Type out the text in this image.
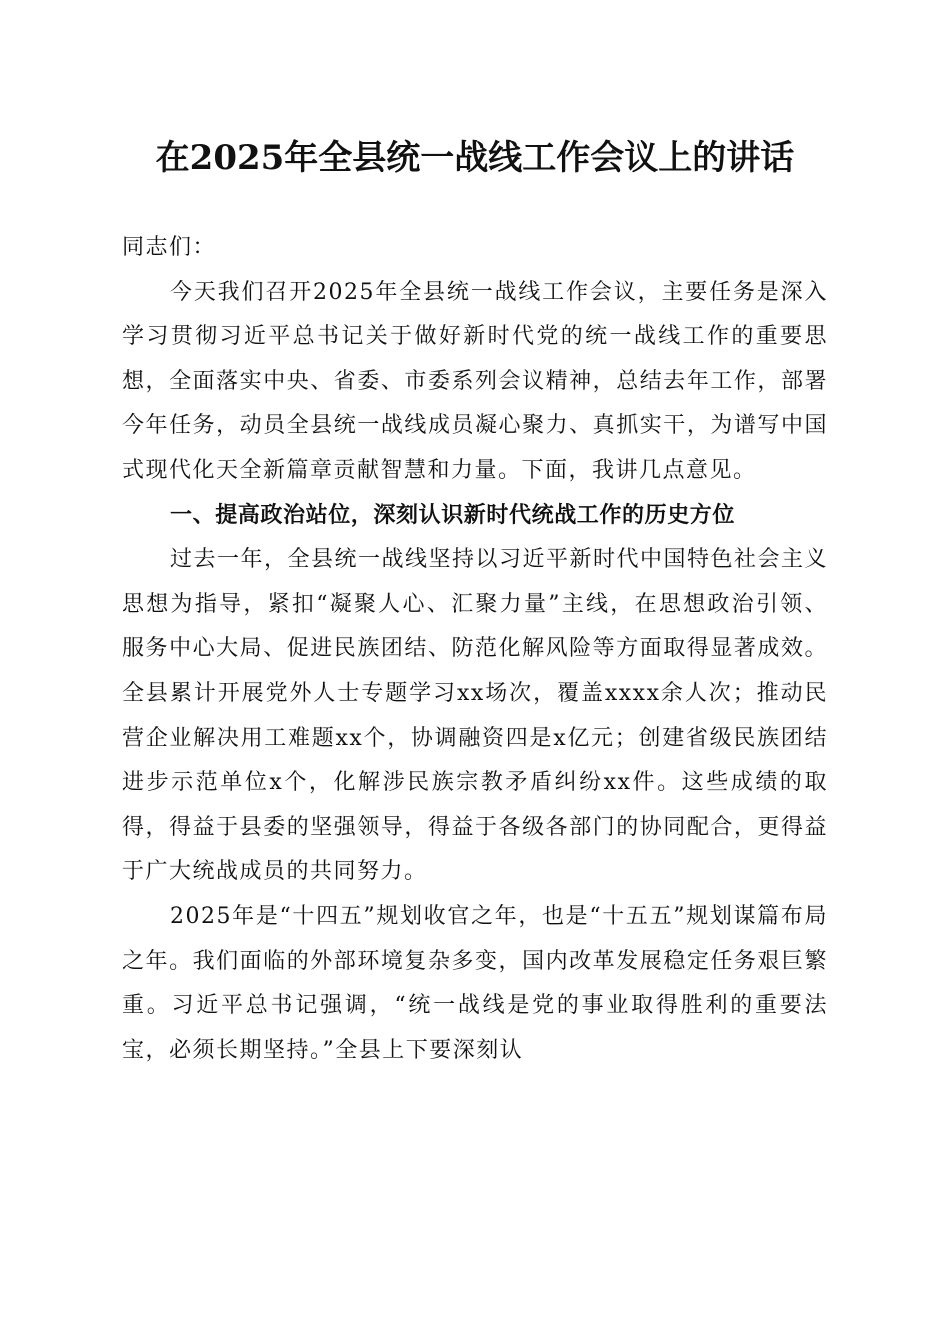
在2025年全县统一战线工作会议上的讲话

同志们：

今天我们召开2025年全县统一战线工作会议，主要任务是深入学习贯彻习近平总书记关于做好新时代党的统一战线工作的重要思想，全面落实中央、省委、市委系列会议精神，总结去年工作，部署今年任务，动员全县统一战线成员凝心聚力、真抓实干，为谱写中国式现代化天全新篇章贡献智慧和力量。下面，我讲几点意见。

一、提高政治站位，深刻认识新时代统战工作的历史方位

过去一年，全县统一战线坚持以习近平新时代中国特色社会主义思想为指导，紧扣“凝聚人心、汇聚力量”主线，在思想政治引领、服务中心大局、促进民族团结、防范化解风险等方面取得显著成效。全县累计开展党外人士专题学习xx场次，覆盖xxxx余人次；推动民营企业解决用工难题xx个，协调融资四是x亿元；创建省级民族团结进步示范单位x个，化解涉民族宗教矛盾纠纷xx件。这些成绩的取得，得益于县委的坚强领导，得益于各级各部门的协同配合，更得益于广大统战成员的共同努力。

2025年是“十四五”规划收官之年，也是“十五五”规划谋篇布局之年。我们面临的外部环境复杂多变，国内改革发展稳定任务艰巨繁重。习近平总书记强调，“统一战线是党的事业取得胜利的重要法宝，必须长期坚持。”全县上下要深刻认
